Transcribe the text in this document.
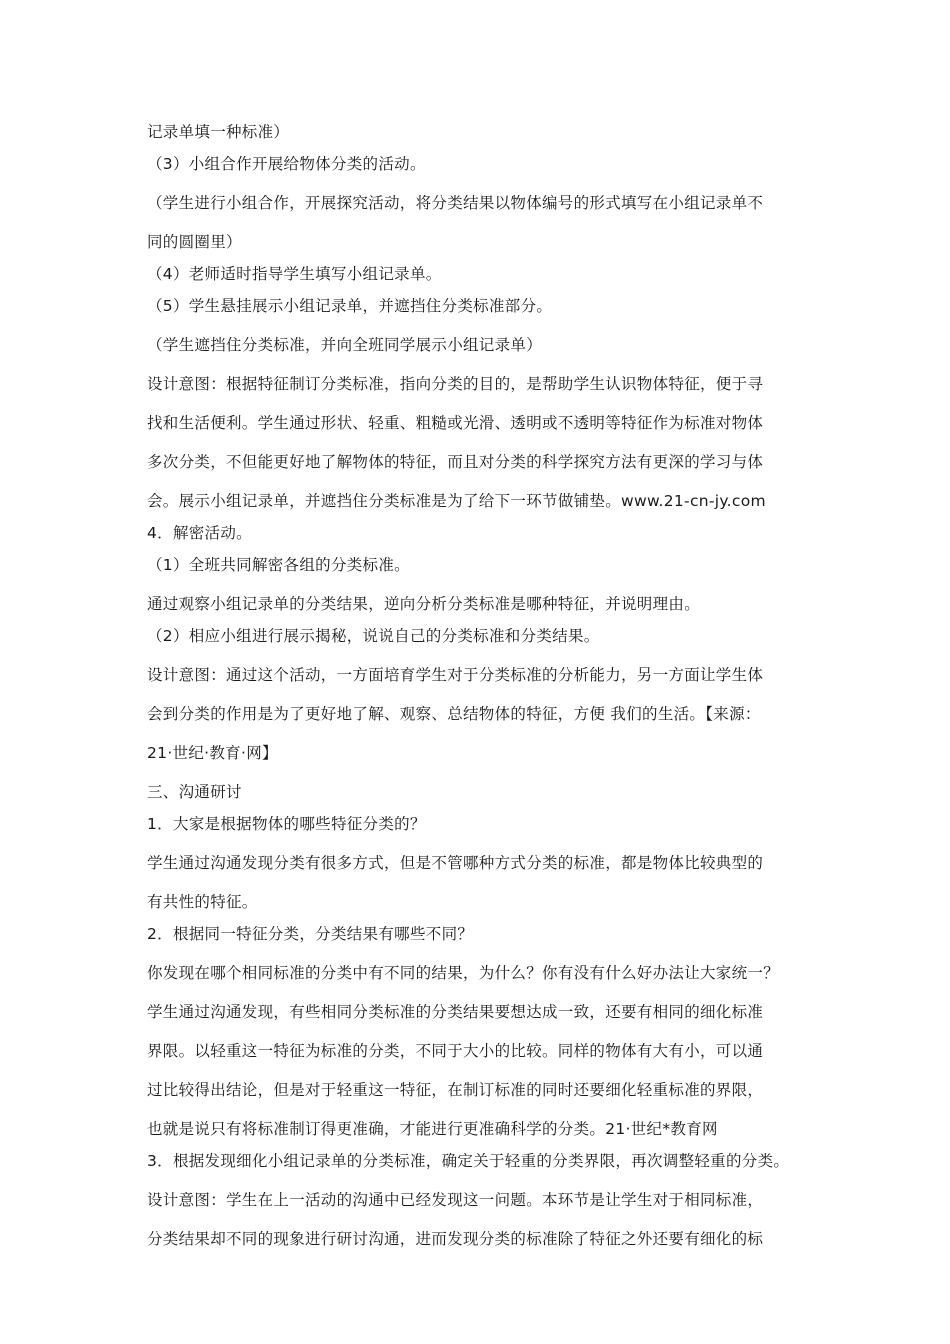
记录单填一种标准）
（3）小组合作开展给物体分类的活动。
（学生进行小组合作，开展探究活动，将分类结果以物体编号的形式填写在小组记录单不
同的圆圈里）
（4）老师适时指导学生填写小组记录单。
（5）学生悬挂展示小组记录单，并遮挡住分类标准部分。
（学生遮挡住分类标准，并向全班同学展示小组记录单）
设计意图：根据特征制订分类标准，指向分类的目的，是帮助学生认识物体特征，便于寻
找和生活便利。学生通过形状、轻重、粗糙或光滑、透明或不透明等特征作为标准对物体
多次分类，不但能更好地了解物体的特征，而且对分类的科学探究方法有更深的学习与体
会。展示小组记录单，并遮挡住分类标准是为了给下一环节做铺垫。www.21-cn-jy.com
4．解密活动。
（1）全班共同解密各组的分类标准。
通过观察小组记录单的分类结果，逆向分析分类标准是哪种特征，并说明理由。
（2）相应小组进行展示揭秘，说说自己的分类标准和分类结果。
设计意图：通过这个活动，一方面培育学生对于分类标准的分析能力，另一方面让学生体
会到分类的作用是为了更好地了解、观察、总结物体的特征，方便 我们的生活。【来源：
21·世纪·教育·网】
三、沟通研讨
1．大家是根据物体的哪些特征分类的？
学生通过沟通发现分类有很多方式，但是不管哪种方式分类的标准，都是物体比较典型的
有共性的特征。
2．根据同一特征分类，分类结果有哪些不同？
你发现在哪个相同标准的分类中有不同的结果，为什么？你有没有什么好办法让大家统一？
学生通过沟通发现，有些相同分类标准的分类结果要想达成一致，还要有相同的细化标准
界限。以轻重这一特征为标准的分类，不同于大小的比较。同样的物体有大有小，可以通
过比较得出结论，但是对于轻重这一特征，在制订标准的同时还要细化轻重标准的界限，
也就是说只有将标准制订得更准确，才能进行更准确科学的分类。21·世纪*教育网
3．根据发现细化小组记录单的分类标准，确定关于轻重的分类界限，再次调整轻重的分类。
设计意图：学生在上一活动的沟通中已经发现这一问题。本环节是让学生对于相同标准，
分类结果却不同的现象进行研讨沟通，进而发现分类的标准除了特征之外还要有细化的标
